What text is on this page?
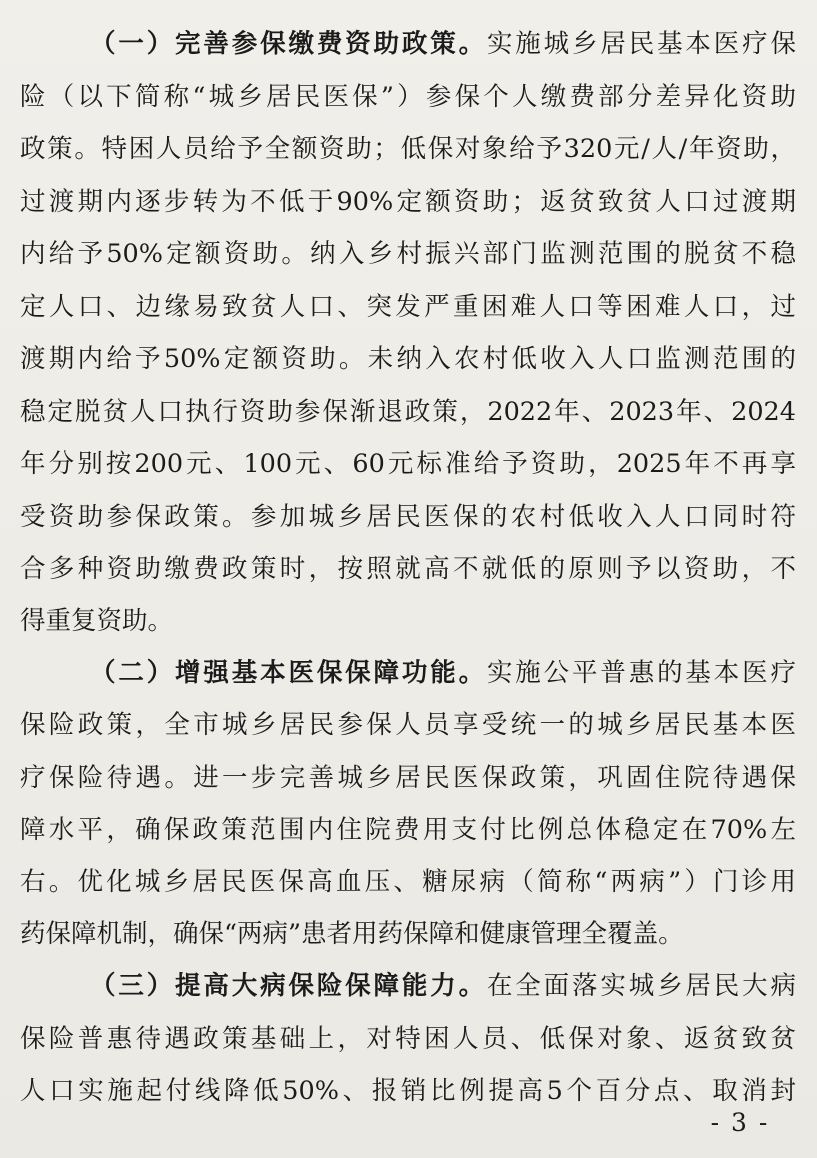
（一）完善参保缴费资助政策。实施城乡居民基本医疗保
险（以下简称“城乡居民医保”）参保个人缴费部分差异化资助
政策。特困人员给予全额资助；低保对象给予320元/人/年资助，
过渡期内逐步转为不低于90%定额资助；返贫致贫人口过渡期
内给予50%定额资助。纳入乡村振兴部门监测范围的脱贫不稳
定人口、边缘易致贫人口、突发严重困难人口等困难人口，过
渡期内给予50%定额资助。未纳入农村低收入人口监测范围的
稳定脱贫人口执行资助参保渐退政策，2022年、2023年、2024
年分别按200元、100元、60元标准给予资助，2025年不再享
受资助参保政策。参加城乡居民医保的农村低收入人口同时符
合多种资助缴费政策时，按照就高不就低的原则予以资助，不
得重复资助。
（二）增强基本医保保障功能。实施公平普惠的基本医疗
保险政策，全市城乡居民参保人员享受统一的城乡居民基本医
疗保险待遇。进一步完善城乡居民医保政策，巩固住院待遇保
障水平，确保政策范围内住院费用支付比例总体稳定在70%左
右。优化城乡居民医保高血压、糖尿病（简称“两病”）门诊用
药保障机制，确保“两病”患者用药保障和健康管理全覆盖。
（三）提高大病保险保障能力。在全面落实城乡居民大病
保险普惠待遇政策基础上，对特困人员、低保对象、返贫致贫
人口实施起付线降低50%、报销比例提高5个百分点、取消封
- 3 -
